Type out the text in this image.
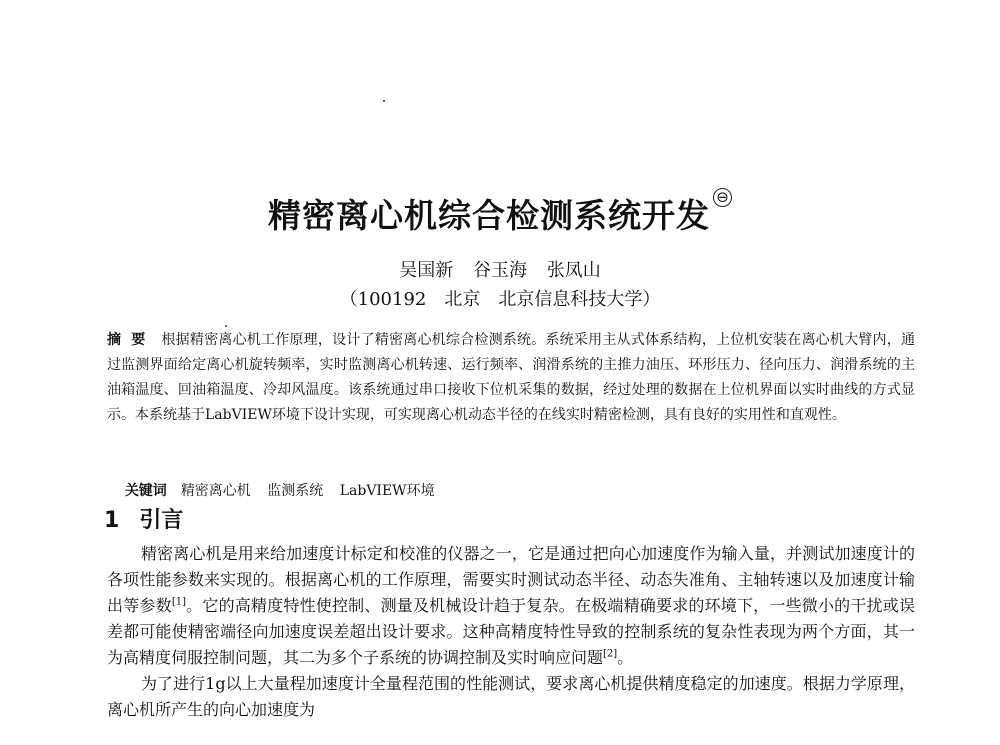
精密离心机综合检测系统开发 ⊖
吴国新 谷玉海 张凤山
（100192　北京　北京信息科技大学）
摘要 根据精密离心机工作原理，设计了精密离心机综合检测系统。系统采用主从式体系结构，上位机安装在离心机大臂内，通过监测界面给定离心机旋转频率，实时监测离心机转速、运行频率、润滑系统的主推力油压、环形压力、径向压力、润滑系统的主油箱温度、回油箱温度、冷却风温度。该系统通过串口接收下位机采集的数据，经过处理的数据在上位机界面以实时曲线的方式显示。本系统基于LabVIEW环境下设计实现，可实现离心机动态半径的在线实时精密检测，具有良好的实用性和直观性。

关键词 精密离心机 监测系统 LabVIEW环境

1 引言

精密离心机是用来给加速度计标定和校准的仪器之一，它是通过把向心加速度作为输入量，并测试加速度计的各项性能参数来实现的。根据离心机的工作原理，需要实时测试动态半径、动态失准角、主轴转速以及加速度计输出等参数[1]。它的高精度特性使控制、测量及机械设计趋于复杂。在极端精确要求的环境下，一些微小的干扰或误差都可能使精密端径向加速度误差超出设计要求。这种高精度特性导致的控制系统的复杂性表现为两个方面，其一为高精度伺服控制问题，其二为多个子系统的协调控制及实时响应问题[2]。

为了进行1g以上大量程加速度计全量程范围的性能测试，要求离心机提供精度稳定的加速度。根据力学原理，离心机所产生的向心加速度为
